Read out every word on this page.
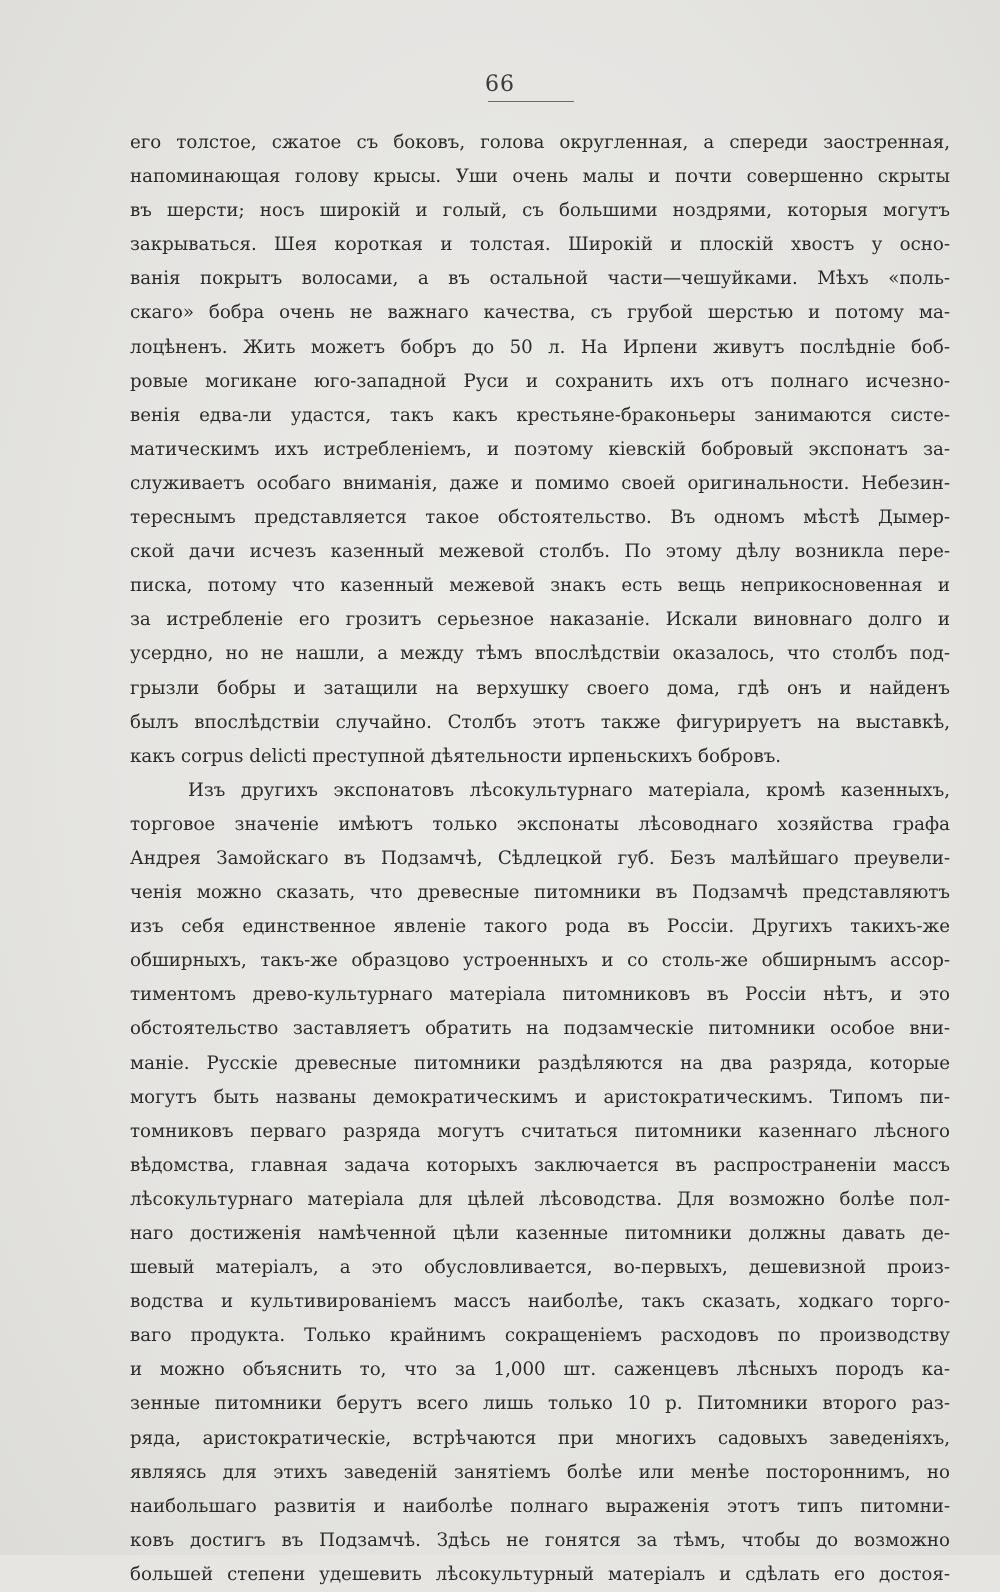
66
его толстое, сжатое съ боковъ, голова округленная, а спереди заостренная,
напоминающая голову крысы. Уши очень малы и почти совершенно скрыты
въ шерсти; носъ широкій и голый, съ большими ноздрями, которыя могутъ
закрываться. Шея короткая и толстая. Широкій и плоскій хвостъ у осно-
ванія покрытъ волосами, а въ остальной части—чешуйками. Мѣхъ «поль-
скаго» бобра очень не важнаго качества, съ грубой шерстью и потому ма-
лоцѣненъ. Жить можетъ бобръ до 50 л. На Ирпени живутъ послѣдніе боб-
ровые могикане юго-западной Руси и сохранить ихъ отъ полнаго исчезно-
венія едва-ли удастся, такъ какъ крестьяне-браконьеры занимаются систе-
матическимъ ихъ истребленіемъ, и поэтому кіевскій бобровый экспонатъ за-
служиваетъ особаго вниманія, даже и помимо своей оригинальности. Небезин-
тереснымъ представляется такое обстоятельство. Въ одномъ мѣстѣ Дымер-
ской дачи исчезъ казенный межевой столбъ. По этому дѣлу возникла пере-
писка, потому что казенный межевой знакъ есть вещь неприкосновенная и
за истребленіе его грозитъ серьезное наказаніе. Искали виновнаго долго и
усердно, но не нашли, а между тѣмъ впослѣдствіи оказалось, что столбъ под-
грызли бобры и затащили на верхушку своего дома, гдѣ онъ и найденъ
былъ впослѣдствіи случайно. Столбъ этотъ также фигурируетъ на выставкѣ,
какъ corpus delicti преступной дѣятельности ирпеньскихъ бобровъ.
Изъ другихъ экспонатовъ лѣсокультурнаго матеріала, кромѣ казенныхъ,
торговое значеніе имѣютъ только экспонаты лѣсоводнаго хозяйства графа
Андрея Замойскаго въ Подзамчѣ, Сѣдлецкой губ. Безъ малѣйшаго преувели-
ченія можно сказать, что древесные питомники въ Подзамчѣ представляютъ
изъ себя единственное явленіе такого рода въ Россіи. Другихъ такихъ-же
обширныхъ, такъ-же образцово устроенныхъ и со столь-же обширнымъ ассор-
тиментомъ древо-культурнаго матеріала питомниковъ въ Россіи нѣтъ, и это
обстоятельство заставляетъ обратить на подзамческіе питомники особое вни-
маніе. Русскіе древесные питомники раздѣляются на два разряда, которые
могутъ быть названы демократическимъ и аристократическимъ. Типомъ пи-
томниковъ перваго разряда могутъ считаться питомники казеннаго лѣсного
вѣдомства, главная задача которыхъ заключается въ распространеніи массъ
лѣсокультурнаго матеріала для цѣлей лѣсоводства. Для возможно болѣе пол-
наго достиженія намѣченной цѣли казенные питомники должны давать де-
шевый матеріалъ, а это обусловливается, во-первыхъ, дешевизной произ-
водства и культивированіемъ массъ наиболѣе, такъ сказать, ходкаго торго-
ваго продукта. Только крайнимъ сокращеніемъ расходовъ по производству
и можно объяснить то, что за 1,000 шт. саженцевъ лѣсныхъ породъ ка-
зенные питомники берутъ всего лишь только 10 р. Питомники второго раз-
ряда, аристократическіе, встрѣчаются при многихъ садовыхъ заведеніяхъ,
являясь для этихъ заведеній занятіемъ болѣе или менѣе постороннимъ, но
наибольшаго развитія и наиболѣе полнаго выраженія этотъ типъ питомни-
ковъ достигъ въ Подзамчѣ. Здѣсь не гонятся за тѣмъ, чтобы до возможно
большей степени удешевить лѣсокультурный матеріалъ и сдѣлать его достоя-
